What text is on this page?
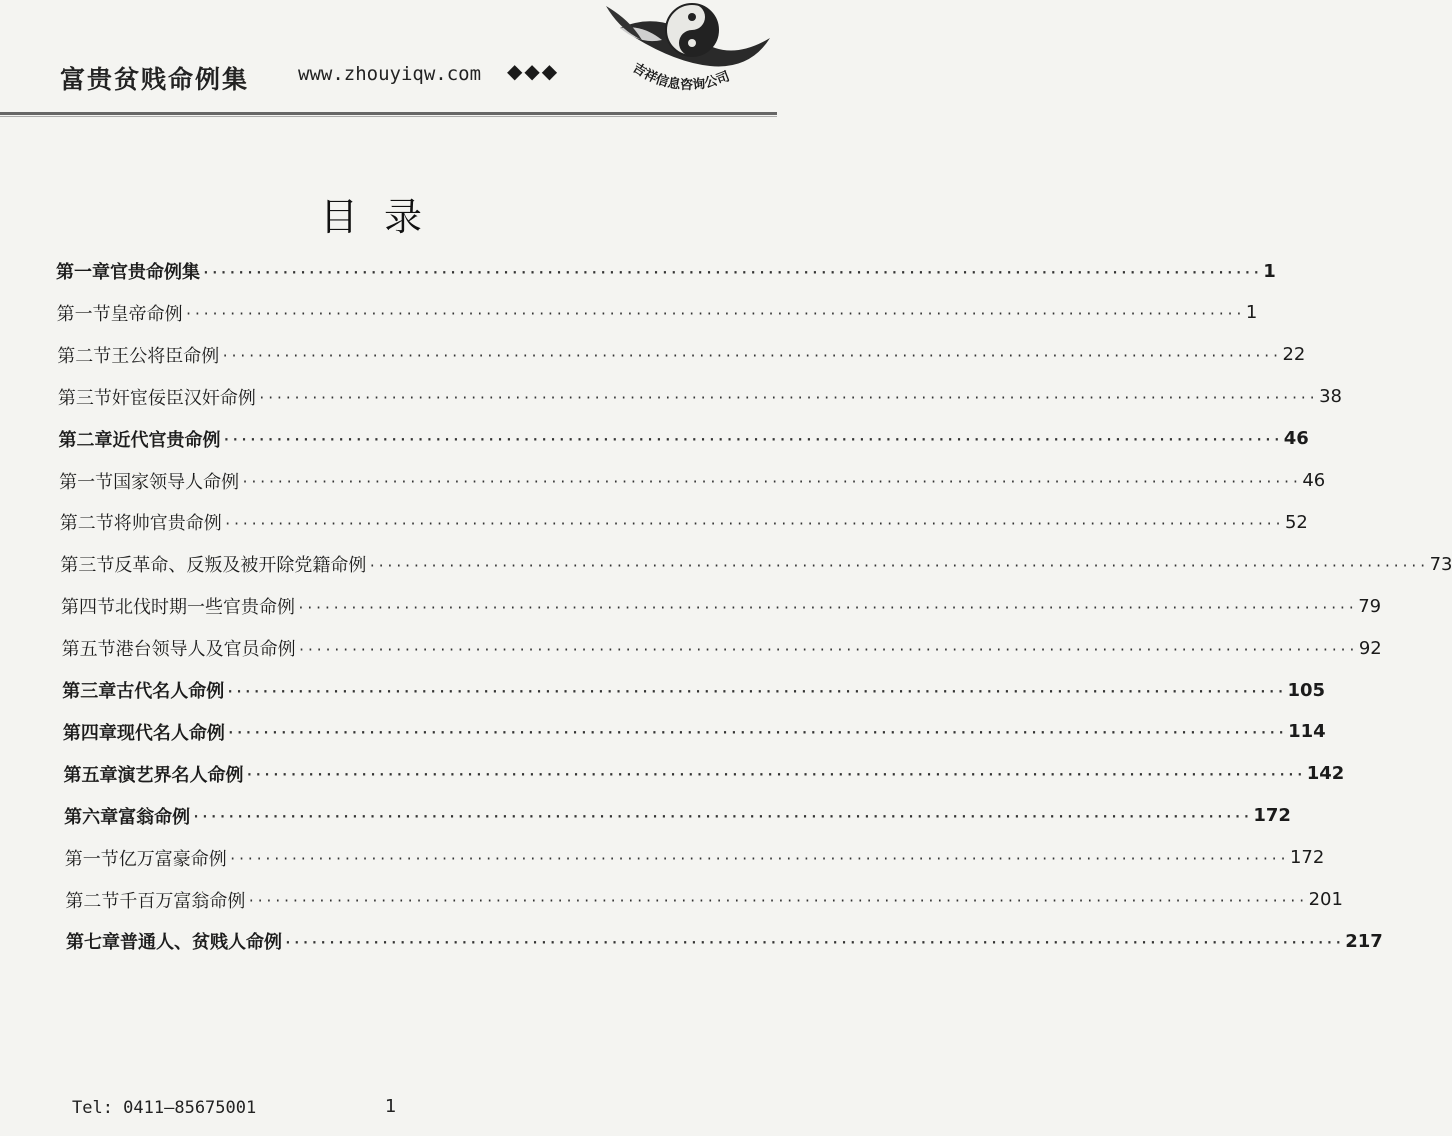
富贵贫贱命例集	www.zhouyiqw.com ◆◆◆	吉祥信息咨询公司
目录
第一章 官贵命例集 ························································································································ 1
第一节 皇帝命例 ························································································································ 1
第二节 王公将臣命例 ························································································································ 22
第三节 奸宦佞臣汉奸命例 ························································································································ 38
第二章 近代官贵命例 ························································································································ 46
第一节 国家领导人命例 ························································································································ 46
第二节 将帅官贵命例 ························································································································ 52
第三节 反革命、反叛及被开除党籍命例 ························································································································ 73
第四节 北伐时期一些官贵命例 ························································································································ 79
第五节 港台领导人及官员命例 ························································································································ 92
第三章 古代名人命例 ························································································································ 105
第四章 现代名人命例 ························································································································ 114
第五章 演艺界名人命例 ························································································································ 142
第六章 富翁命例 ························································································································ 172
第一节 亿万富豪命例 ························································································································ 172
第二节 千百万富翁命例 ························································································································ 201
第七章 普通人、贫贱人命例 ························································································································ 217
Tel: 0411—85675001	1
